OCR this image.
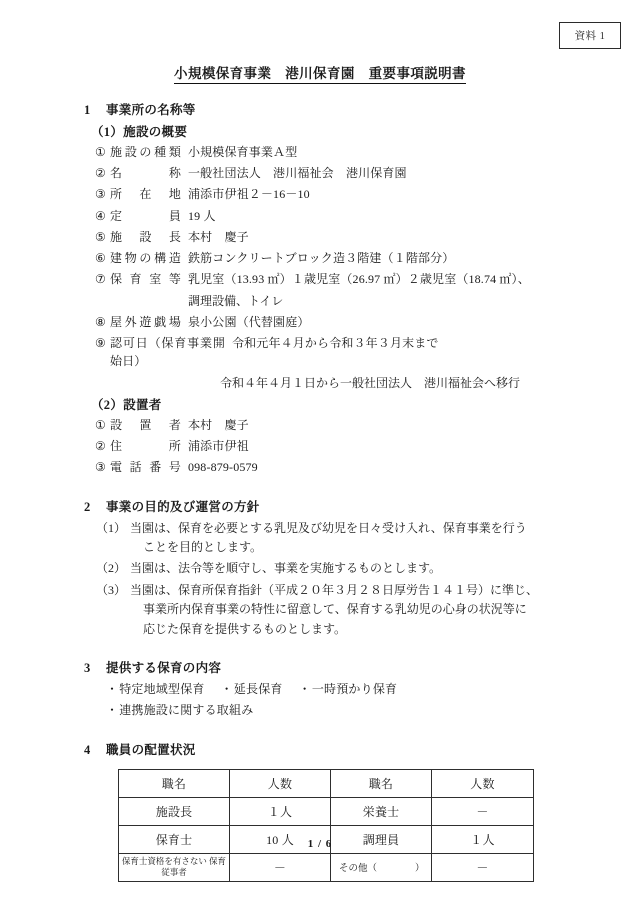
資料 1
小規模保育事業　港川保育園　重要事項説明書
1 事業所の名称等
（1）施設の概要
① 施設の種類 小規模保育事業Ａ型
② 名称 一般社団法人　港川福祉会　港川保育園
③ 所在地 浦添市伊祖２－16－10
④ 定員 19 人
⑤ 施設長 本村　慶子
⑥ 建物の構造 鉄筋コンクリートブロック造３階建（１階部分）
⑦ 保育室等 乳児室（13.93 ㎡）１歳児室（26.97 ㎡）２歳児室（18.74 ㎡）、
調理設備、トイレ
⑧ 屋外遊戯場 泉小公園（代替園庭）
⑨ 認可日（保育事業開始日）
令和元年４月から令和３年３月末まで
令和４年４月１日から一般社団法人　港川福祉会へ移行
（2）設置者
① 設置者 本村　慶子
② 住所 浦添市伊祖
③ 電話番号 098-879-0579
2 事業の目的及び運営の方針
（1） 当園は、保育を必要とする乳児及び幼児を日々受け入れ、保育事業を行う
ことを目的とします。
（2） 当園は、法令等を順守し、事業を実施するものとします。
（3） 当園は、保育所保育指針（平成２０年３月２８日厚労告１４１号）に準じ、
事業所内保育事業の特性に留意して、保育する乳幼児の心身の状況等に
応じた保育を提供するものとします。
3 提供する保育の内容
・特定地域型保育 ・延長保育 ・一時預かり保育
・連携施設に関する取組み
4 職員の配置状況
職名	人数	職名	人数
施設長	１人	栄養士	－
保育士	10 人	調理員	１人
保育士資格を有さない 保育従事者	－	その他（　　　　）	－
1 / 6
